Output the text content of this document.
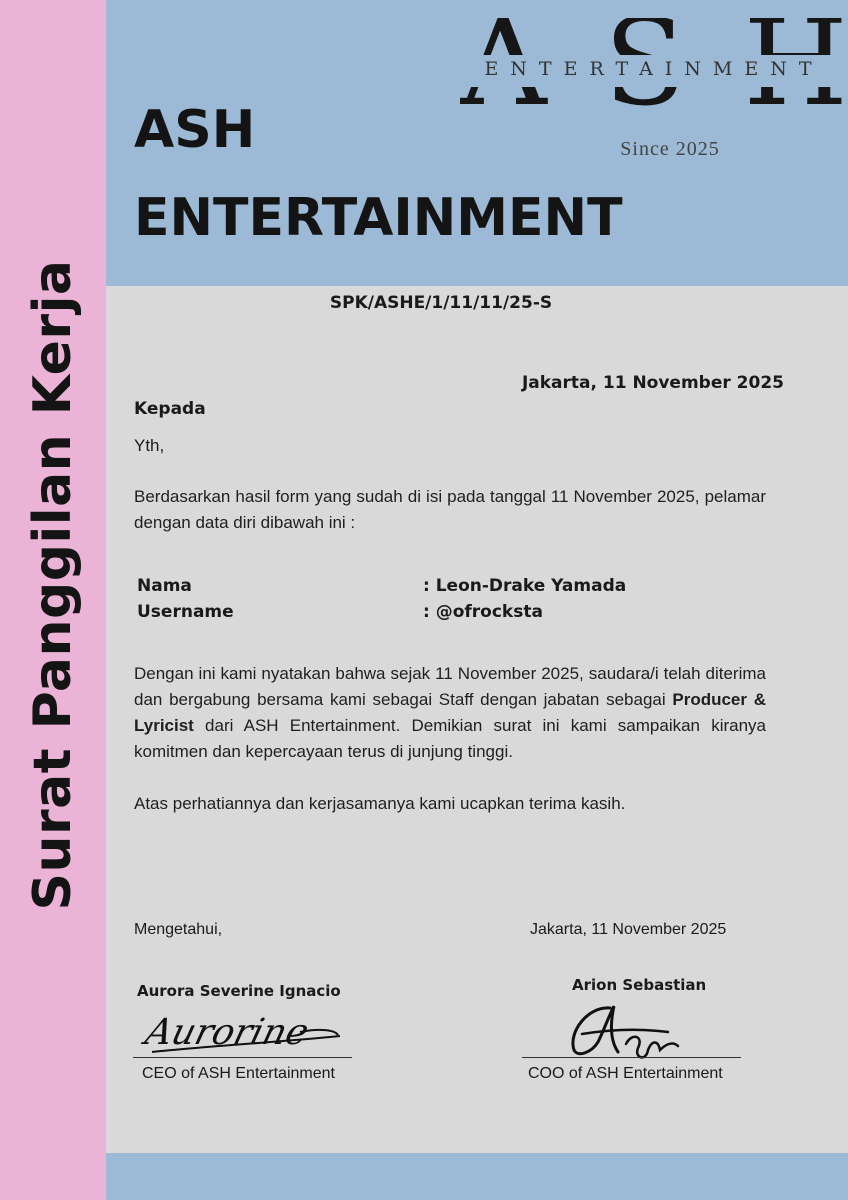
Surat Panggilan Kerja
ASH
ENTERTAINMENT
ENTERTAINMENT
Since 2025
SPK/ASHE/1/11/11/25-S
Jakarta, 11 November 2025
Kepada
Yth,
Berdasarkan hasil form yang sudah di isi pada tanggal 11 November 2025, pelamar dengan data diri dibawah ini :
Nama	: Leon-Drake Yamada
Username	: @ofrocksta
Dengan ini kami nyatakan bahwa sejak 11 November 2025, saudara/i telah diterima dan bergabung bersama kami sebagai Staff dengan jabatan sebagai Producer & Lyricist dari ASH Entertainment. Demikian surat ini kami sampaikan kiranya komitmen dan kepercayaan terus di junjung tinggi.
Atas perhatiannya dan kerjasamanya kami ucapkan terima kasih.
Mengetahui,	Jakarta, 11 November 2025
Aurora Severine Ignacio	Arion Sebastian
Aurorine
CEO of ASH Entertainment	COO of ASH Entertainment
